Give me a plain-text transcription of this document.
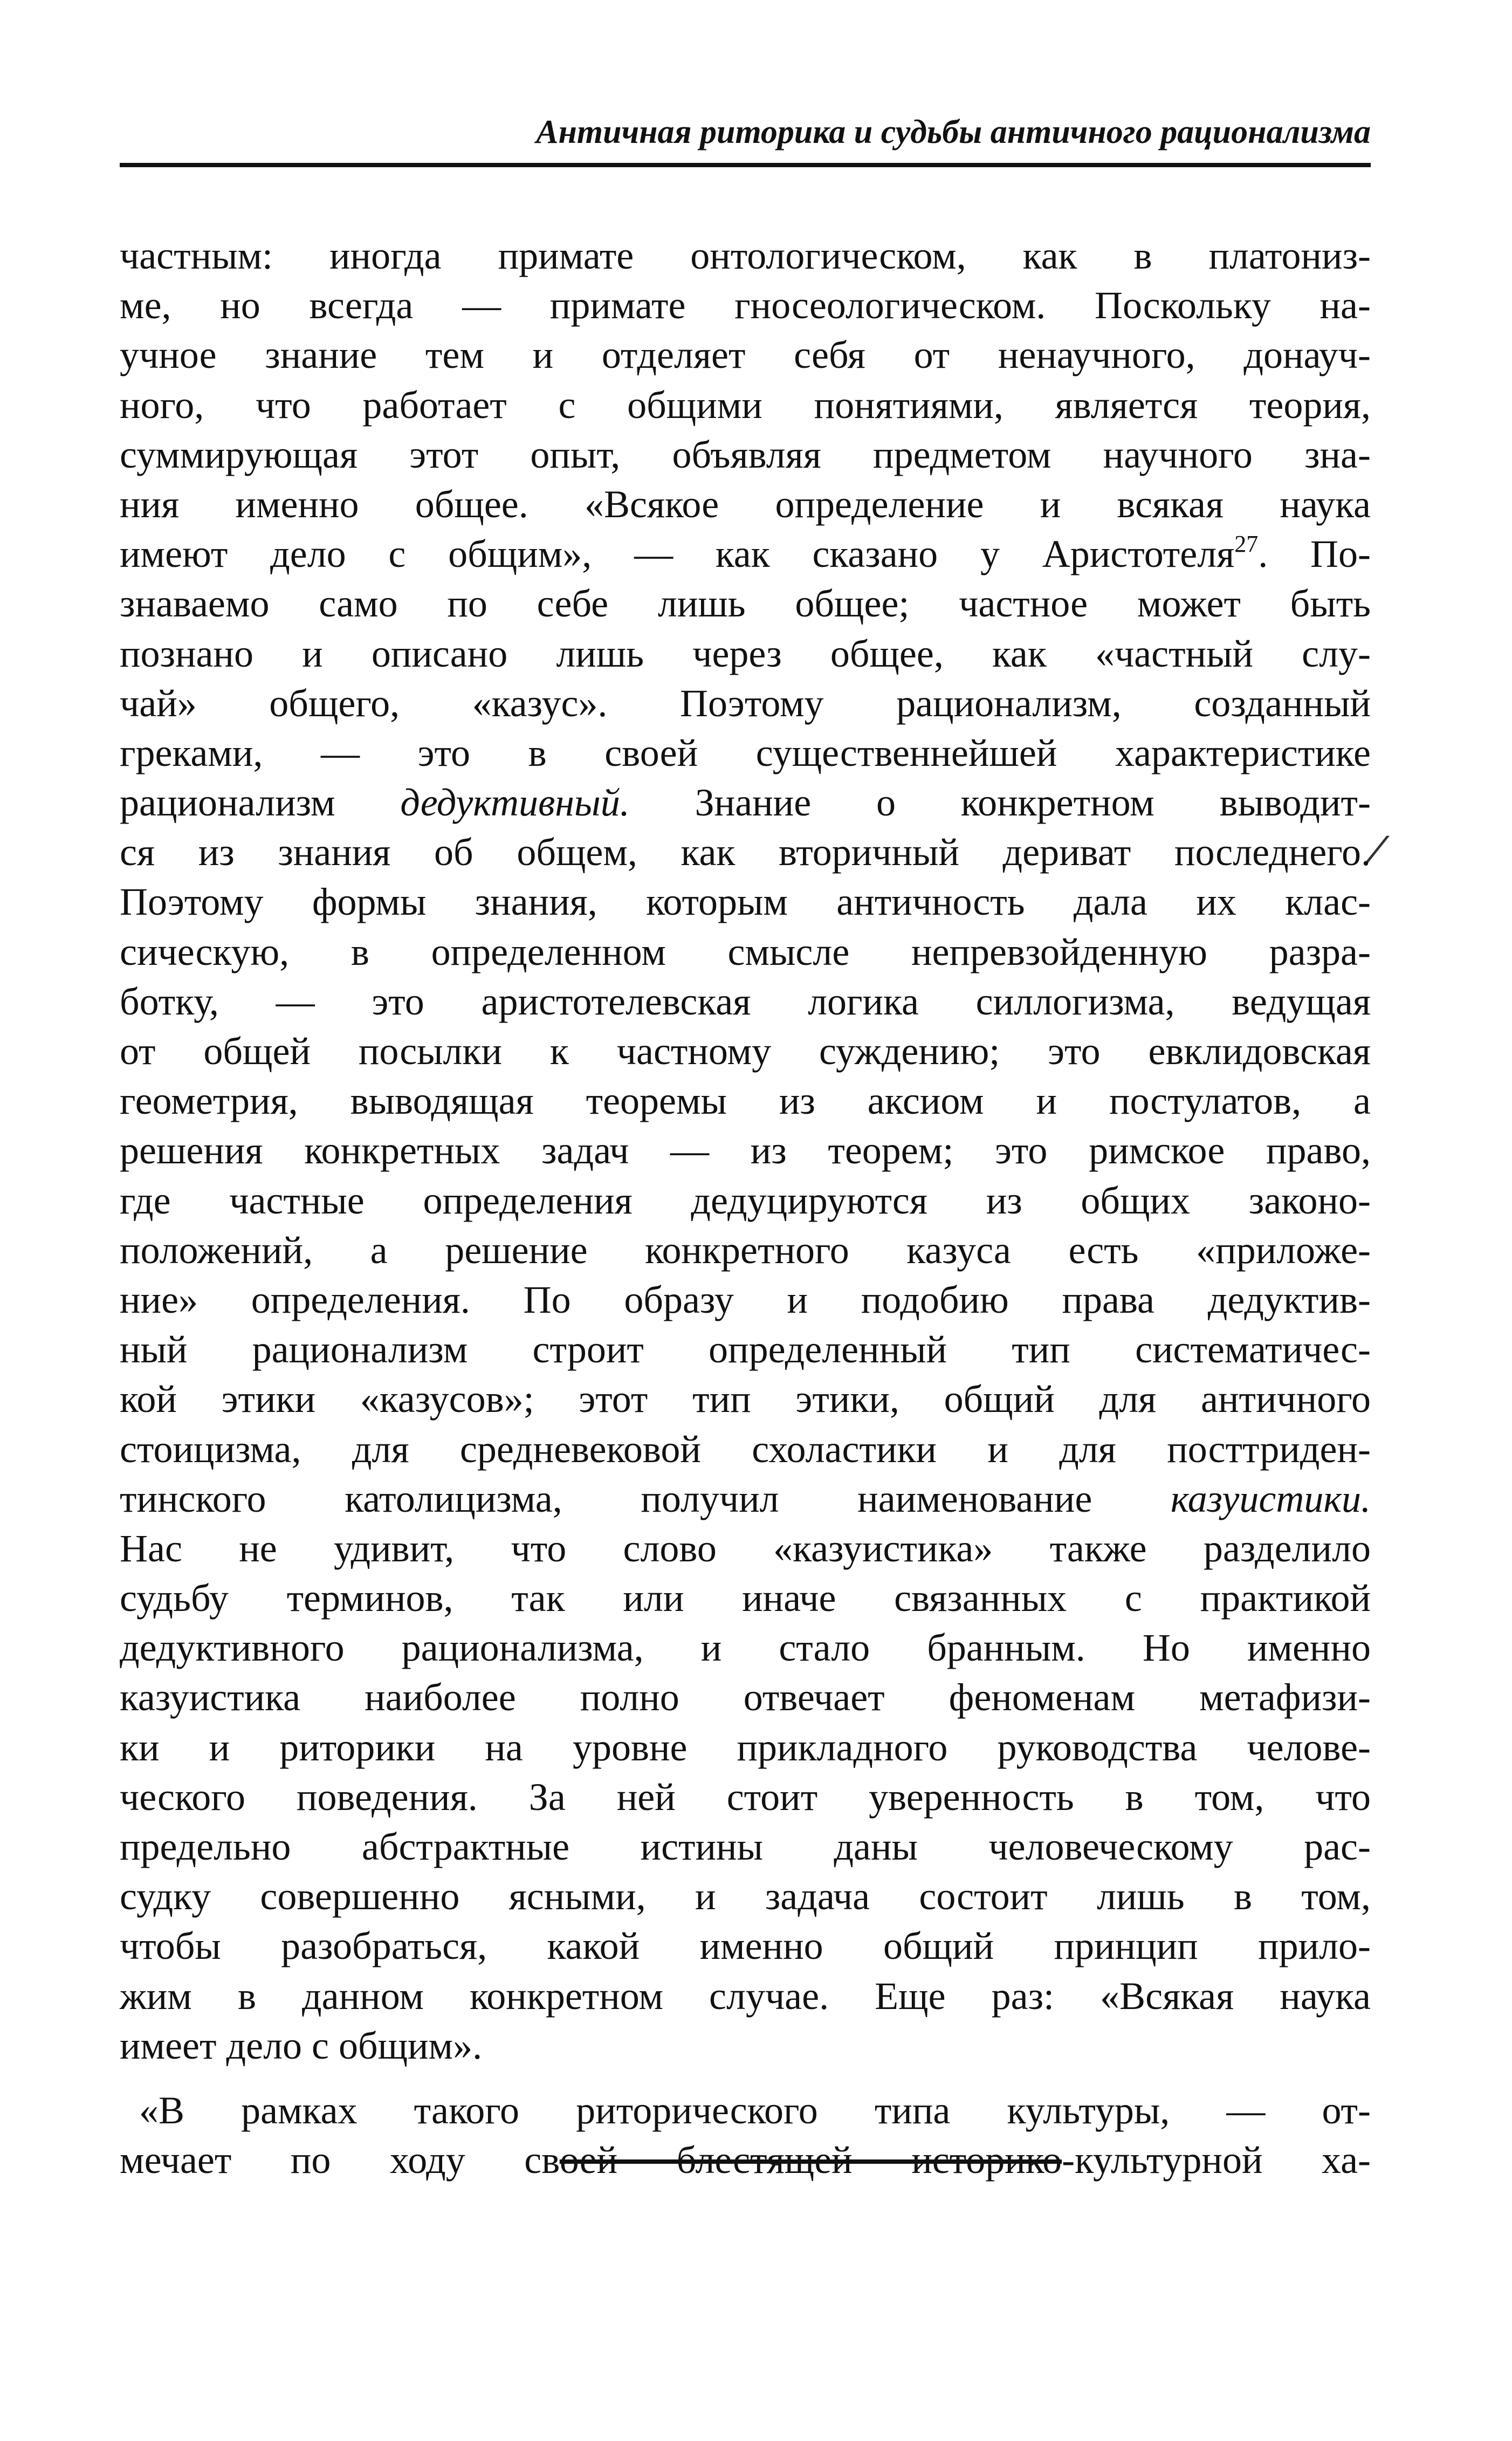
Античная риторика и судьбы античного рационализма
⁄
частным: иногда примате онтологическом, как в платониз-
ме, но всегда — примате гносеологическом. Поскольку на-
учное знание тем и отделяет себя от ненаучного, донауч-
ного, что работает с общими понятиями, является теория,
суммирующая этот опыт, объявляя предметом научного зна-
ния именно общее. «Всякое определение и всякая наука
имеют дело с общим», — как сказано у Аристотеля$^{27}$. По-
знаваемо само по себе лишь общее; частное может быть
познано и описано лишь через общее, как «частный слу-
чай» общего, «казус». Поэтому рационализм, созданный
греками, — это в своей существеннейшей характеристике
рационализм дедуктивный. Знание о конкретном выводит-
ся из знания об общем, как вторичный дериват последнего.
Поэтому формы знания, которым античность дала их клас-
сическую, в определенном смысле непревзойденную разра-
ботку, — это аристотелевская логика силлогизма, ведущая
от общей посылки к частному суждению; это евклидовская
геометрия, выводящая теоремы из аксиом и постулатов, а
решения конкретных задач — из теорем; это римское право,
где частные определения дедуцируются из общих законо-
положений, а решение конкретного казуса есть «приложе-
ние» определения. По образу и подобию права дедуктив-
ный рационализм строит определенный тип систематичес-
кой этики «казусов»; этот тип этики, общий для античного
стоицизма, для средневековой схоластики и для посттриден-
тинского католицизма, получил наименование казуистики.
Нас не удивит, что слово «казуистика» также разделило
судьбу терминов, так или иначе связанных с практикой
дедуктивного рационализма, и стало бранным. Но именно
казуистика наиболее полно отвечает феноменам метафизи-
ки и риторики на уровне прикладного руководства челове-
ческого поведения. За ней стоит уверенность в том, что
предельно абстрактные истины даны человеческому рас-
судку совершенно ясными, и задача состоит лишь в том,
чтобы разобраться, какой именно общий принцип прило-
жим в данном конкретном случае. Еще раз: «Всякая наука
имеет дело с общим».
 «В рамках такого риторического типа культуры, — от-
мечает по ходу своей блестящей историко-культурной ха-
